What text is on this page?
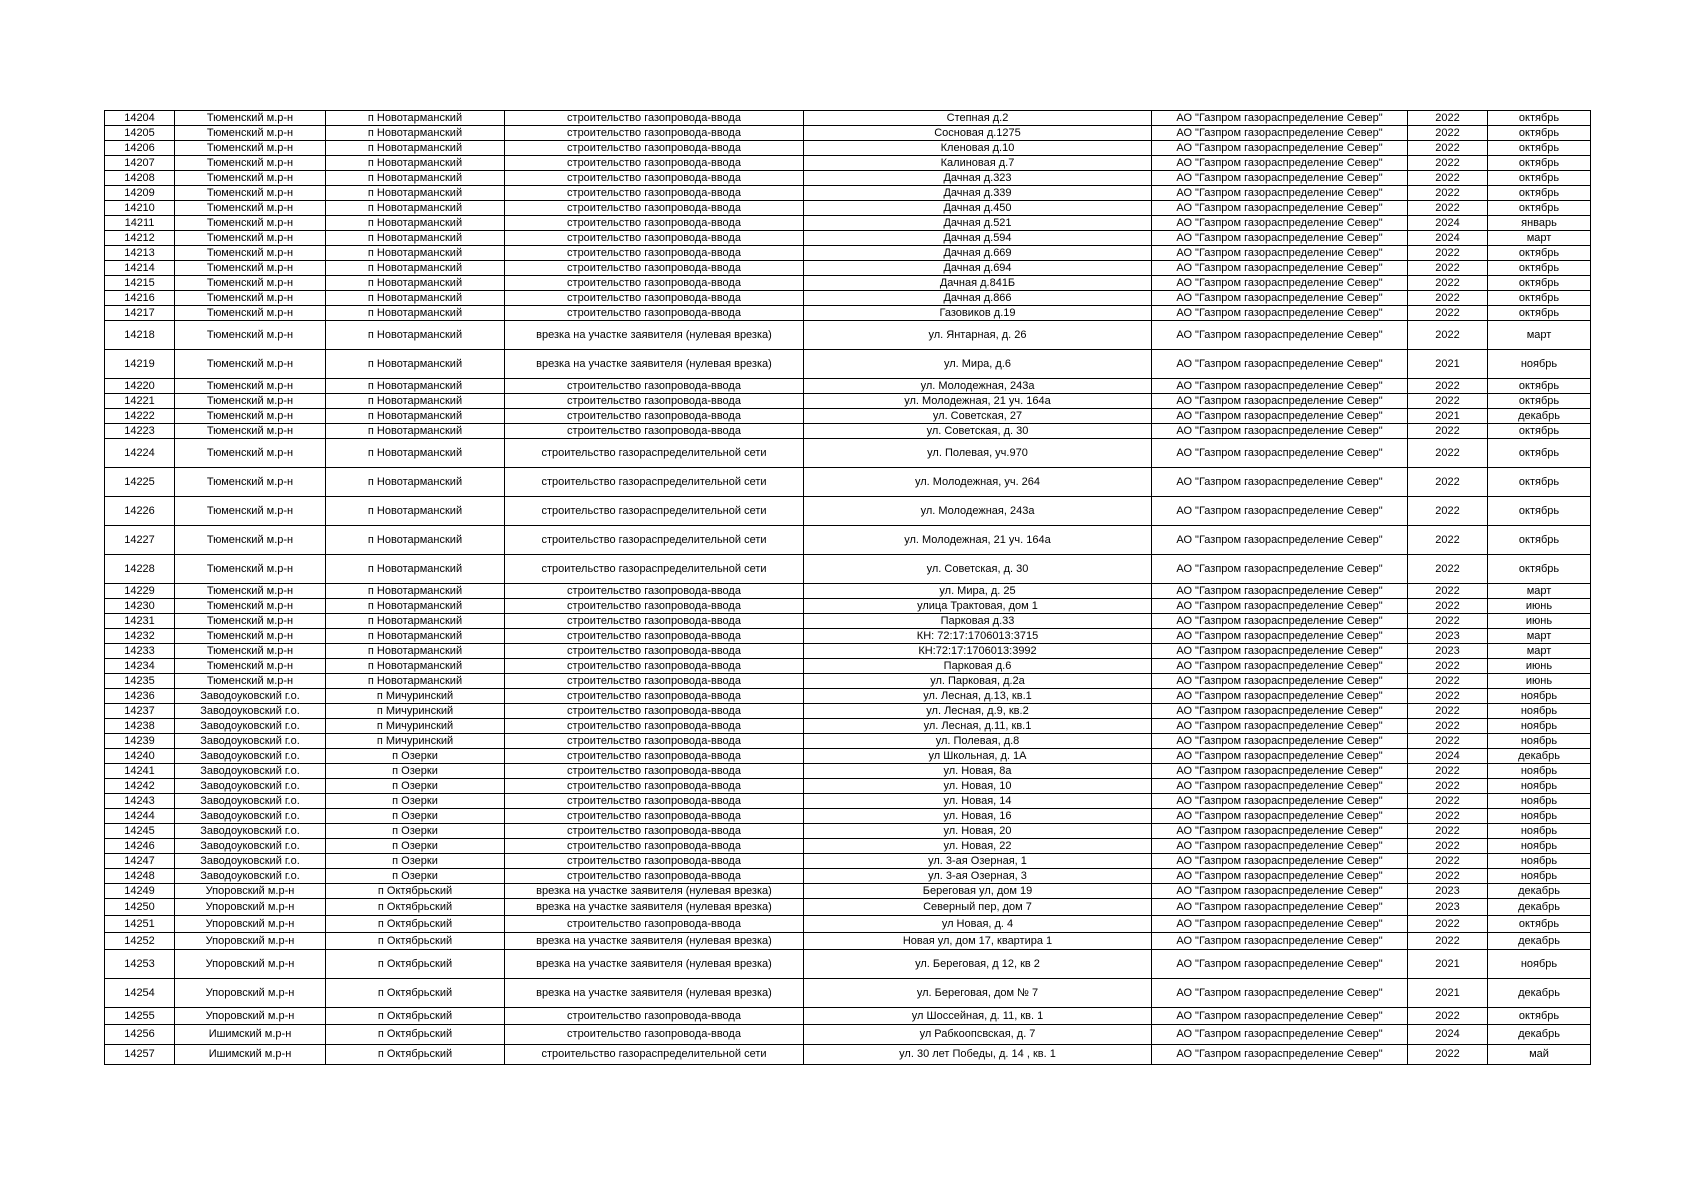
14204	Тюменский м.р-н	п Новотарманский	строительство газопровода-ввода	Степная д.2	АО "Газпром газораспределение Север"	2022	октябрь
14205	Тюменский м.р-н	п Новотарманский	строительство газопровода-ввода	Сосновая д.1275	АО "Газпром газораспределение Север"	2022	октябрь
14206	Тюменский м.р-н	п Новотарманский	строительство газопровода-ввода	Кленовая д.10	АО "Газпром газораспределение Север"	2022	октябрь
14207	Тюменский м.р-н	п Новотарманский	строительство газопровода-ввода	Калиновая д.7	АО "Газпром газораспределение Север"	2022	октябрь
14208	Тюменский м.р-н	п Новотарманский	строительство газопровода-ввода	Дачная д.323	АО "Газпром газораспределение Север"	2022	октябрь
14209	Тюменский м.р-н	п Новотарманский	строительство газопровода-ввода	Дачная д.339	АО "Газпром газораспределение Север"	2022	октябрь
14210	Тюменский м.р-н	п Новотарманский	строительство газопровода-ввода	Дачная д.450	АО "Газпром газораспределение Север"	2022	октябрь
14211	Тюменский м.р-н	п Новотарманский	строительство газопровода-ввода	Дачная д.521	АО "Газпром газораспределение Север"	2024	январь
14212	Тюменский м.р-н	п Новотарманский	строительство газопровода-ввода	Дачная д.594	АО "Газпром газораспределение Север"	2024	март
14213	Тюменский м.р-н	п Новотарманский	строительство газопровода-ввода	Дачная д.669	АО "Газпром газораспределение Север"	2022	октябрь
14214	Тюменский м.р-н	п Новотарманский	строительство газопровода-ввода	Дачная д.694	АО "Газпром газораспределение Север"	2022	октябрь
14215	Тюменский м.р-н	п Новотарманский	строительство газопровода-ввода	Дачная д.841Б	АО "Газпром газораспределение Север"	2022	октябрь
14216	Тюменский м.р-н	п Новотарманский	строительство газопровода-ввода	Дачная д.866	АО "Газпром газораспределение Север"	2022	октябрь
14217	Тюменский м.р-н	п Новотарманский	строительство газопровода-ввода	Газовиков д.19	АО "Газпром газораспределение Север"	2022	октябрь
14218	Тюменский м.р-н	п Новотарманский	врезка на участке заявителя (нулевая врезка)	ул. Янтарная, д. 26	АО "Газпром газораспределение Север"	2022	март
14219	Тюменский м.р-н	п Новотарманский	врезка на участке заявителя (нулевая врезка)	ул. Мира, д.6	АО "Газпром газораспределение Север"	2021	ноябрь
14220	Тюменский м.р-н	п Новотарманский	строительство газопровода-ввода	ул. Молодежная, 243а	АО "Газпром газораспределение Север"	2022	октябрь
14221	Тюменский м.р-н	п Новотарманский	строительство газопровода-ввода	ул. Молодежная, 21 уч. 164а	АО "Газпром газораспределение Север"	2022	октябрь
14222	Тюменский м.р-н	п Новотарманский	строительство газопровода-ввода	ул. Советская, 27	АО "Газпром газораспределение Север"	2021	декабрь
14223	Тюменский м.р-н	п Новотарманский	строительство газопровода-ввода	ул. Советская, д. 30	АО "Газпром газораспределение Север"	2022	октябрь
14224	Тюменский м.р-н	п Новотарманский	строительство газораспределительной сети	ул. Полевая, уч.970	АО "Газпром газораспределение Север"	2022	октябрь
14225	Тюменский м.р-н	п Новотарманский	строительство газораспределительной сети	ул. Молодежная, уч. 264	АО "Газпром газораспределение Север"	2022	октябрь
14226	Тюменский м.р-н	п Новотарманский	строительство газораспределительной сети	ул. Молодежная, 243а	АО "Газпром газораспределение Север"	2022	октябрь
14227	Тюменский м.р-н	п Новотарманский	строительство газораспределительной сети	ул. Молодежная, 21 уч. 164а	АО "Газпром газораспределение Север"	2022	октябрь
14228	Тюменский м.р-н	п Новотарманский	строительство газораспределительной сети	ул. Советская, д. 30	АО "Газпром газораспределение Север"	2022	октябрь
14229	Тюменский м.р-н	п Новотарманский	строительство газопровода-ввода	ул. Мира, д. 25	АО "Газпром газораспределение Север"	2022	март
14230	Тюменский м.р-н	п Новотарманский	строительство газопровода-ввода	улица Трактовая, дом 1	АО "Газпром газораспределение Север"	2022	июнь
14231	Тюменский м.р-н	п Новотарманский	строительство газопровода-ввода	Парковая д.33	АО "Газпром газораспределение Север"	2022	июнь
14232	Тюменский м.р-н	п Новотарманский	строительство газопровода-ввода	КН: 72:17:1706013:3715	АО "Газпром газораспределение Север"	2023	март
14233	Тюменский м.р-н	п Новотарманский	строительство газопровода-ввода	КН:72:17:1706013:3992	АО "Газпром газораспределение Север"	2023	март
14234	Тюменский м.р-н	п Новотарманский	строительство газопровода-ввода	Парковая д.6	АО "Газпром газораспределение Север"	2022	июнь
14235	Тюменский м.р-н	п Новотарманский	строительство газопровода-ввода	ул. Парковая, д.2а	АО "Газпром газораспределение Север"	2022	июнь
14236	Заводоуковский г.о.	п Мичуринский	строительство газопровода-ввода	ул. Лесная, д.13, кв.1	АО "Газпром газораспределение Север"	2022	ноябрь
14237	Заводоуковский г.о.	п Мичуринский	строительство газопровода-ввода	ул. Лесная, д.9, кв.2	АО "Газпром газораспределение Север"	2022	ноябрь
14238	Заводоуковский г.о.	п Мичуринский	строительство газопровода-ввода	ул. Лесная, д.11, кв.1	АО "Газпром газораспределение Север"	2022	ноябрь
14239	Заводоуковский г.о.	п Мичуринский	строительство газопровода-ввода	ул. Полевая, д.8	АО "Газпром газораспределение Север"	2022	ноябрь
14240	Заводоуковский г.о.	п Озерки	строительство газопровода-ввода	ул Школьная, д. 1А	АО "Газпром газораспределение Север"	2024	декабрь
14241	Заводоуковский г.о.	п Озерки	строительство газопровода-ввода	ул. Новая, 8а	АО "Газпром газораспределение Север"	2022	ноябрь
14242	Заводоуковский г.о.	п Озерки	строительство газопровода-ввода	ул. Новая, 10	АО "Газпром газораспределение Север"	2022	ноябрь
14243	Заводоуковский г.о.	п Озерки	строительство газопровода-ввода	ул. Новая, 14	АО "Газпром газораспределение Север"	2022	ноябрь
14244	Заводоуковский г.о.	п Озерки	строительство газопровода-ввода	ул. Новая, 16	АО "Газпром газораспределение Север"	2022	ноябрь
14245	Заводоуковский г.о.	п Озерки	строительство газопровода-ввода	ул. Новая, 20	АО "Газпром газораспределение Север"	2022	ноябрь
14246	Заводоуковский г.о.	п Озерки	строительство газопровода-ввода	ул. Новая, 22	АО "Газпром газораспределение Север"	2022	ноябрь
14247	Заводоуковский г.о.	п Озерки	строительство газопровода-ввода	ул. 3-ая Озерная, 1	АО "Газпром газораспределение Север"	2022	ноябрь
14248	Заводоуковский г.о.	п Озерки	строительство газопровода-ввода	ул. 3-ая Озерная, 3	АО "Газпром газораспределение Север"	2022	ноябрь
14249	Упоровский м.р-н	п Октябрьский	врезка на участке заявителя (нулевая врезка)	Береговая ул, дом 19	АО "Газпром газораспределение Север"	2023	декабрь
14250	Упоровский м.р-н	п Октябрьский	врезка на участке заявителя (нулевая врезка)	Северный пер, дом 7	АО "Газпром газораспределение Север"	2023	декабрь
14251	Упоровский м.р-н	п Октябрьский	строительство газопровода-ввода	ул Новая, д. 4	АО "Газпром газораспределение Север"	2022	октябрь
14252	Упоровский м.р-н	п Октябрьский	врезка на участке заявителя (нулевая врезка)	Новая ул, дом 17, квартира 1	АО "Газпром газораспределение Север"	2022	декабрь
14253	Упоровский м.р-н	п Октябрьский	врезка на участке заявителя (нулевая врезка)	ул. Береговая, д 12, кв 2	АО "Газпром газораспределение Север"	2021	ноябрь
14254	Упоровский м.р-н	п Октябрьский	врезка на участке заявителя (нулевая врезка)	ул. Береговая, дом № 7	АО "Газпром газораспределение Север"	2021	декабрь
14255	Упоровский м.р-н	п Октябрьский	строительство газопровода-ввода	ул Шоссейная, д. 11, кв. 1	АО "Газпром газораспределение Север"	2022	октябрь
14256	Ишимский м.р-н	п Октябрьский	строительство газопровода-ввода	ул Рабкоопсвская, д. 7	АО "Газпром газораспределение Север"	2024	декабрь
14257	Ишимский м.р-н	п Октябрьский	строительство газораспределительной сети	ул. 30 лет Победы, д. 14 , кв. 1	АО "Газпром газораспределение Север"	2022	май
